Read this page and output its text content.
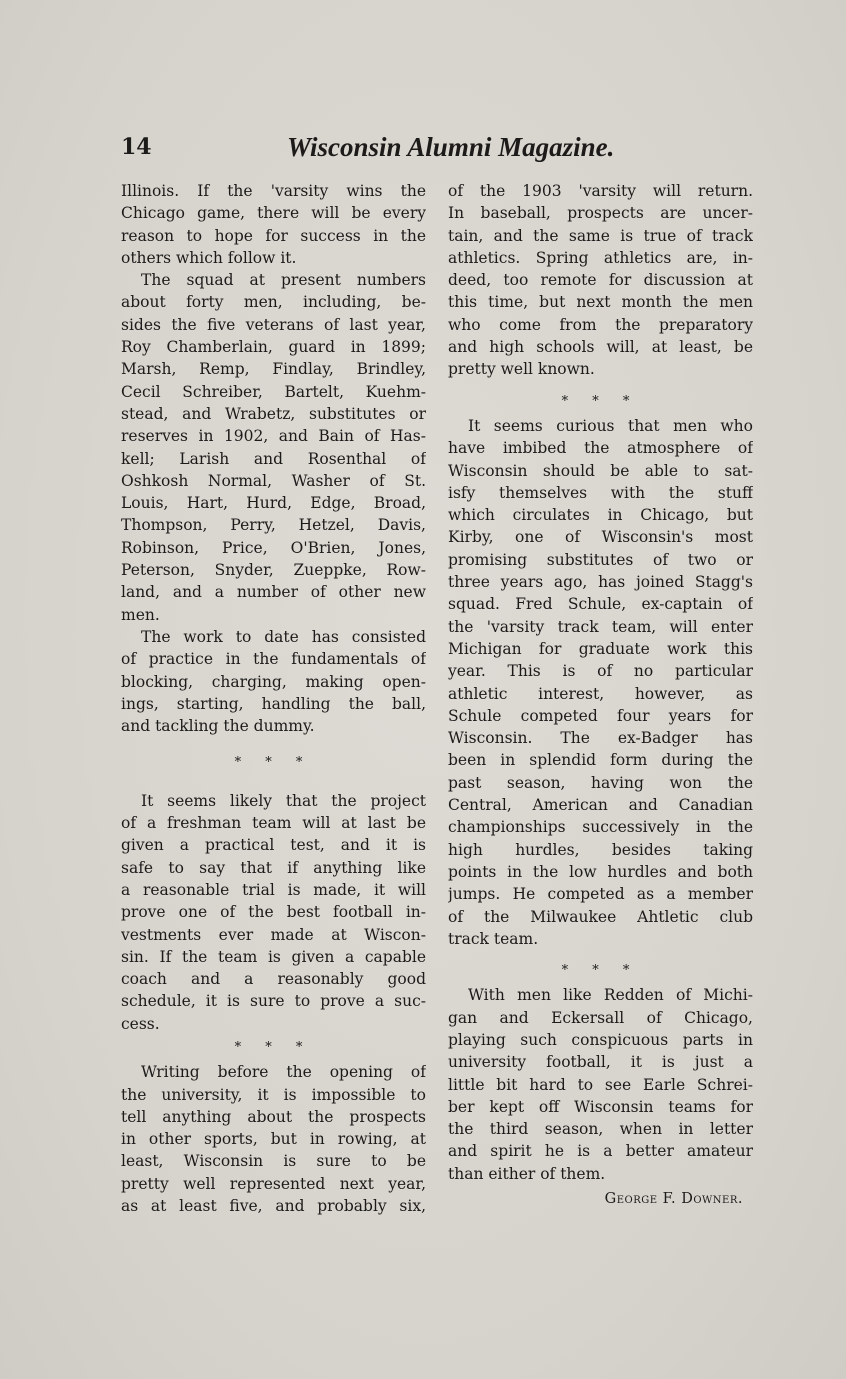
14	Wisconsin Alumni Magazine.
Illinois. If the 'varsity wins the
Chicago game, there will be every
reason to hope for success in the
others which follow it.
The squad at present numbers
about forty men, including, be-
sides the five veterans of last year,
Roy Chamberlain, guard in 1899;
Marsh, Remp, Findlay, Brindley,
Cecil Schreiber, Bartelt, Kuehm-
stead, and Wrabetz, substitutes or
reserves in 1902, and Bain of Has-
kell; Larish and Rosenthal of
Oshkosh Normal, Washer of St.
Louis, Hart, Hurd, Edge, Broad,
Thompson, Perry, Hetzel, Davis,
Robinson, Price, O'Brien, Jones,
Peterson, Snyder, Zueppke, Row-
land, and a number of other new
men.
The work to date has consisted
of practice in the fundamentals of
blocking, charging, making open-
ings, starting, handling the ball,
and tackling the dummy.
* * *
It seems likely that the project
of a freshman team will at last be
given a practical test, and it is
safe to say that if anything like
a reasonable trial is made, it will
prove one of the best football in-
vestments ever made at Wiscon-
sin. If the team is given a capable
coach and a reasonably good
schedule, it is sure to prove a suc-
cess.
* * *
Writing before the opening of
the university, it is impossible to
tell anything about the prospects
in other sports, but in rowing, at
least, Wisconsin is sure to be
pretty well represented next year,
as at least five, and probably six,
of the 1903 'varsity will return.
In baseball, prospects are uncer-
tain, and the same is true of track
athletics. Spring athletics are, in-
deed, too remote for discussion at
this time, but next month the men
who come from the preparatory
and high schools will, at least, be
pretty well known.
* * *
It seems curious that men who
have imbibed the atmosphere of
Wisconsin should be able to sat-
isfy themselves with the stuff
which circulates in Chicago, but
Kirby, one of Wisconsin's most
promising substitutes of two or
three years ago, has joined Stagg's
squad. Fred Schule, ex-captain of
the 'varsity track team, will enter
Michigan for graduate work this
year. This is of no particular
athletic interest, however, as
Schule competed four years for
Wisconsin. The ex-Badger has
been in splendid form during the
past season, having won the
Central, American and Canadian
championships successively in the
high hurdles, besides taking
points in the low hurdles and both
jumps. He competed as a member
of the Milwaukee Ahtletic club
track team.
* * *
With men like Redden of Michi-
gan and Eckersall of Chicago,
playing such conspicuous parts in
university football, it is just a
little bit hard to see Earle Schrei-
ber kept off Wisconsin teams for
the third season, when in letter
and spirit he is a better amateur
than either of them.
George F. Downer.
